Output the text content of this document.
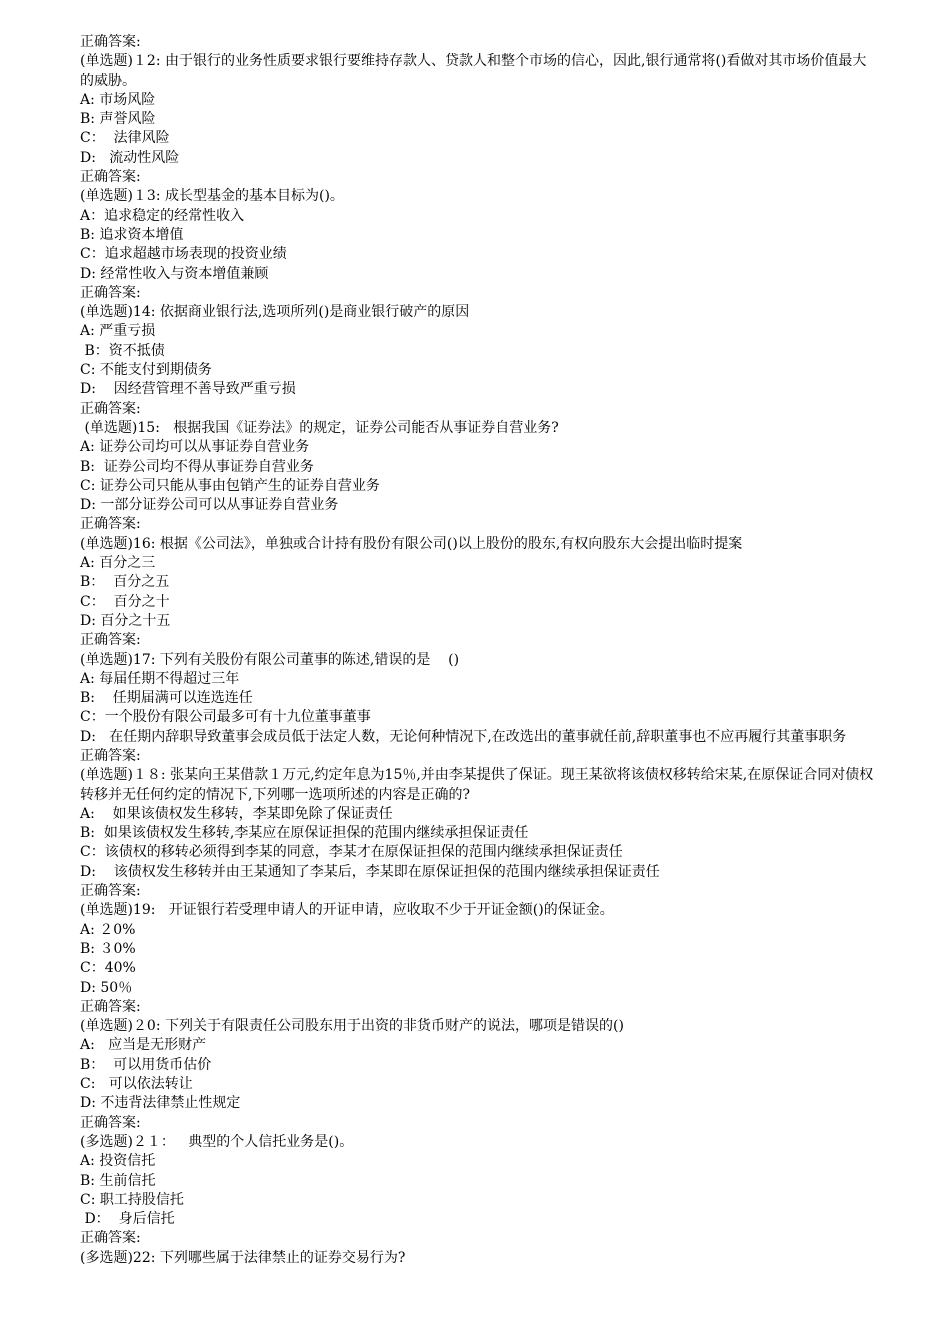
正确答案:

(单选题)１2: 由于银行的业务性质要求银行要维持存款人、贷款人和整个市场的信心，因此,银行通常将()看做对其市场价值最大的威胁。

A: 市场风险

B: 声誉风险

C：  法律风险

D:   流动性风险

正确答案:

(单选题)１3: 成长型基金的基本目标为()。

A：追求稳定的经常性收入

B: 追求资本增值

C：追求超越市场表现的投资业绩

D: 经常性收入与资本增值兼顾

正确答案:

(单选题)14: 依据商业银行法,选项所列()是商业银行破产的原因

A: 严重亏损

B：资不抵债

C: 不能支付到期债务

D:    因经营管理不善导致严重亏损

正确答案:

(单选题)15:   根据我国《证券法》的规定，证券公司能否从事证券自营业务?

A: 证券公司均可以从事证券自营业务

B:  证券公司均不得从事证券自营业务

C: 证券公司只能从事由包销产生的证券自营业务

D: 一部分证券公司可以从事证券自营业务

正确答案:

(单选题)16: 根据《公司法》，单独或合计持有股份有限公司()以上股份的股东,有权向股东大会提出临时提案

A: 百分之三

B：  百分之五

C：  百分之十

D: 百分之十五

正确答案:

(单选题)17: 下列有关股份有限公司董事的陈述,错误的是    ()

A: 每届任期不得超过三年

B:    任期届满可以连选连任

C：一个股份有限公司最多可有十九位董事董事

D:   在任期内辞职导致董事会成员低于法定人数，无论何种情况下,在改选出的董事就任前,辞职董事也不应再履行其董事职务

正确答案:

(单选题)１８: 张某向王某借款１万元,约定年息为15％,并由李某提供了保证。现王某欲将该债权移转给宋某,在原保证合同对债权转移并无任何约定的情况下,下列哪一选项所述的内容是正确的?

A:    如果该债权发生移转，李某即免除了保证责任

B:  如果该债权发生移转,李某应在原保证担保的范围内继续承担保证责任

C：该债权的移转必须得到李某的同意，李某才在原保证担保的范围内继续承担保证责任

D:    该债权发生移转并由王某通知了李某后，李某即在原保证担保的范围内继续承担保证责任

正确答案:

(单选题)19:   开证银行若受理申请人的开证申请，应收取不少于开证金额()的保证金。

A: ２0%

B: ３0%

C：40%

D: 50％

正确答案:

(单选题)２0: 下列关于有限责任公司股东用于出资的非货币财产的说法，哪项是错误的()

A:   应当是无形财产

B：  可以用货币估价

C:   可以依法转让

D: 不违背法律禁止性规定

正确答案:

(多选题)２１：   典型的个人信托业务是()。

A: 投资信托

B: 生前信托

C: 职工持股信托

D：  身后信托

正确答案:

(多选题)22: 下列哪些属于法律禁止的证券交易行为?
